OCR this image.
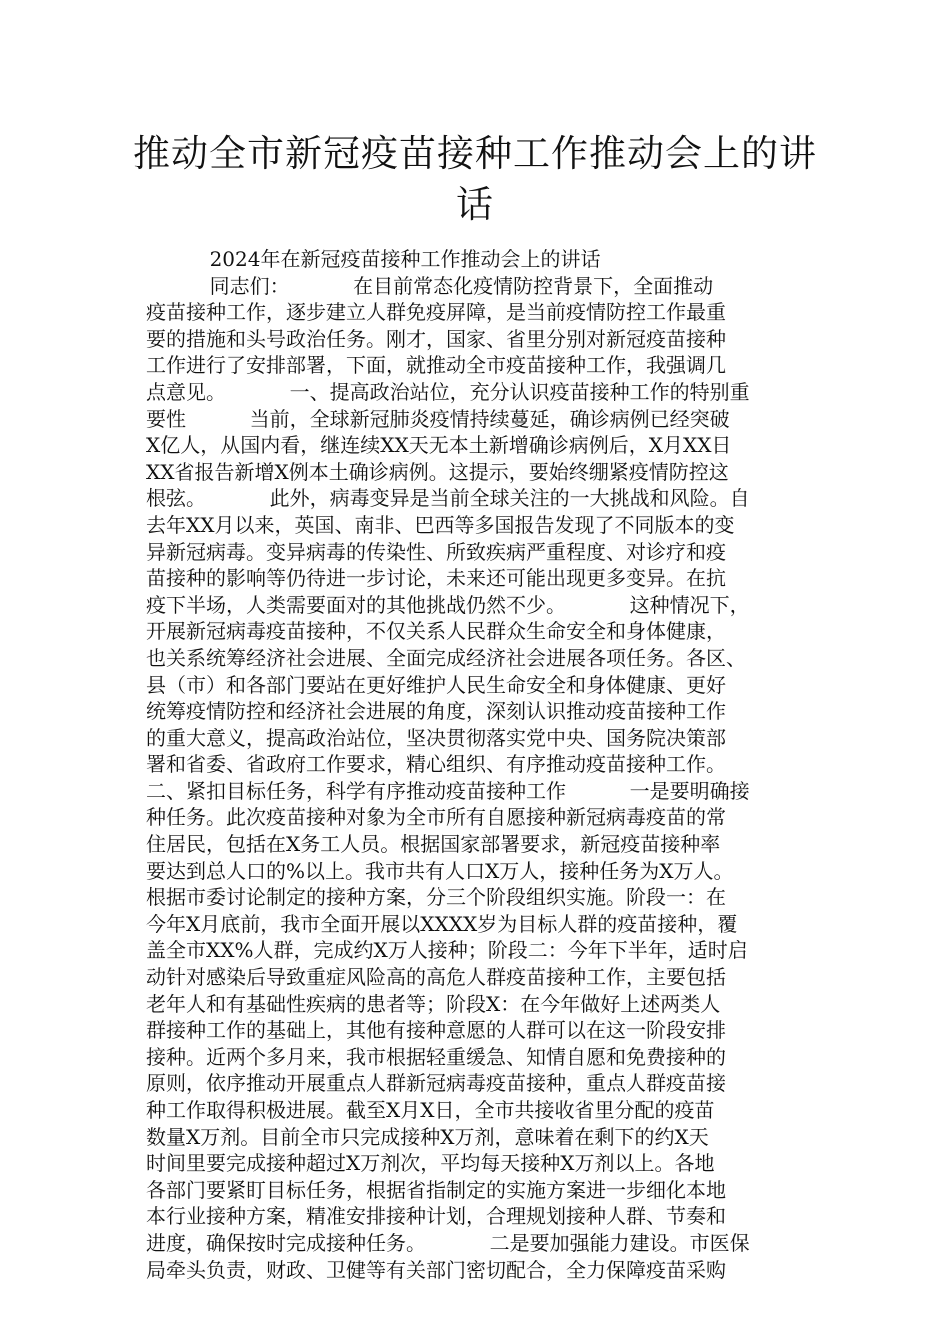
推动全市新冠疫苗接种工作推动会上的讲
话
2024年在新冠疫苗接种工作推动会上的讲话
同志们：          在目前常态化疫情防控背景下，全面推动
疫苗接种工作，逐步建立人群免疫屏障，是当前疫情防控工作最重
要的措施和头号政治任务。刚才，国家、省里分别对新冠疫苗接种
工作进行了安排部署，下面，就推动全市疫苗接种工作，我强调几
点意见。          一、提高政治站位，充分认识疫苗接种工作的特别重
要性          当前，全球新冠肺炎疫情持续蔓延，确诊病例已经突破
X亿人，从国内看，继连续XX天无本土新增确诊病例后，X月XX日
XX省报告新增X例本土确诊病例。这提示，要始终绷紧疫情防控这
根弦。          此外，病毒变异是当前全球关注的一大挑战和风险。自
去年XX月以来，英国、南非、巴西等多国报告发现了不同版本的变
异新冠病毒。变异病毒的传染性、所致疾病严重程度、对诊疗和疫
苗接种的影响等仍待进一步讨论，未来还可能出现更多变异。在抗
疫下半场，人类需要面对的其他挑战仍然不少。          这种情况下，
开展新冠病毒疫苗接种，不仅关系人民群众生命安全和身体健康，
也关系统筹经济社会进展、全面完成经济社会进展各项任务。各区、
县（市）和各部门要站在更好维护人民生命安全和身体健康、更好
统筹疫情防控和经济社会进展的角度，深刻认识推动疫苗接种工作
的重大意义，提高政治站位，坚决贯彻落实党中央、国务院决策部
署和省委、省政府工作要求，精心组织、有序推动疫苗接种工作。
二、紧扣目标任务，科学有序推动疫苗接种工作          一是要明确接
种任务。此次疫苗接种对象为全市所有自愿接种新冠病毒疫苗的常
住居民，包括在X务工人员。根据国家部署要求，新冠疫苗接种率
要达到总人口的%以上。我市共有人口X万人，接种任务为X万人。
根据市委讨论制定的接种方案，分三个阶段组织实施。阶段一：在
今年X月底前，我市全面开展以XXXX岁为目标人群的疫苗接种，覆
盖全市XX%人群，完成约X万人接种；阶段二：今年下半年，适时启
动针对感染后导致重症风险高的高危人群疫苗接种工作，主要包括
老年人和有基础性疾病的患者等；阶段X：在今年做好上述两类人
群接种工作的基础上，其他有接种意愿的人群可以在这一阶段安排
接种。近两个多月来，我市根据轻重缓急、知情自愿和免费接种的
原则，依序推动开展重点人群新冠病毒疫苗接种，重点人群疫苗接
种工作取得积极进展。截至X月X日，全市共接收省里分配的疫苗
数量X万剂。目前全市只完成接种X万剂，意味着在剩下的约X天
时间里要完成接种超过X万剂次，平均每天接种X万剂以上。各地
各部门要紧盯目标任务，根据省指制定的实施方案进一步细化本地
本行业接种方案，精准安排接种计划，合理规划接种人群、节奏和
进度，确保按时完成接种任务。          二是要加强能力建设。市医保
局牵头负责，财政、卫健等有关部门密切配合，全力保障疫苗采购
